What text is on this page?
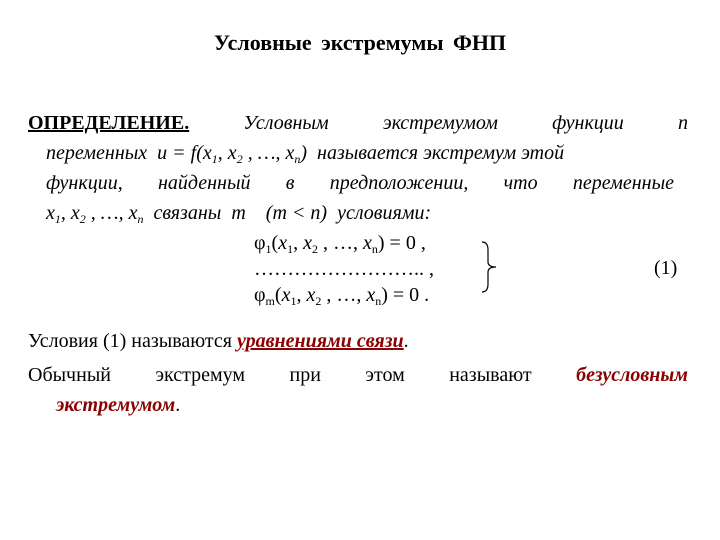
Условные экстремумы ФНП
ОПРЕДЕЛЕНИЕ.	Условным экстремумом функции n
переменных  $u = f(x_1$, $x_2$ , …, $x_n$)  называется экстремум этой
функции, найденный в предположении, что переменные
$x_1$, $x_2$ , …, $x_n$  связаны  m    (m < n)  условиями:
$\varphi_1(x_1$, $x_2$ , …, $x_n) = 0$ ,
…………………….. ,
$\varphi_m(x_1$, $x_2$ , …, $x_n) = 0$ .
(1)
Условия (1) называются уравнениями связи.
Обычный экстремум при этом называют безусловным
экстремумом.
